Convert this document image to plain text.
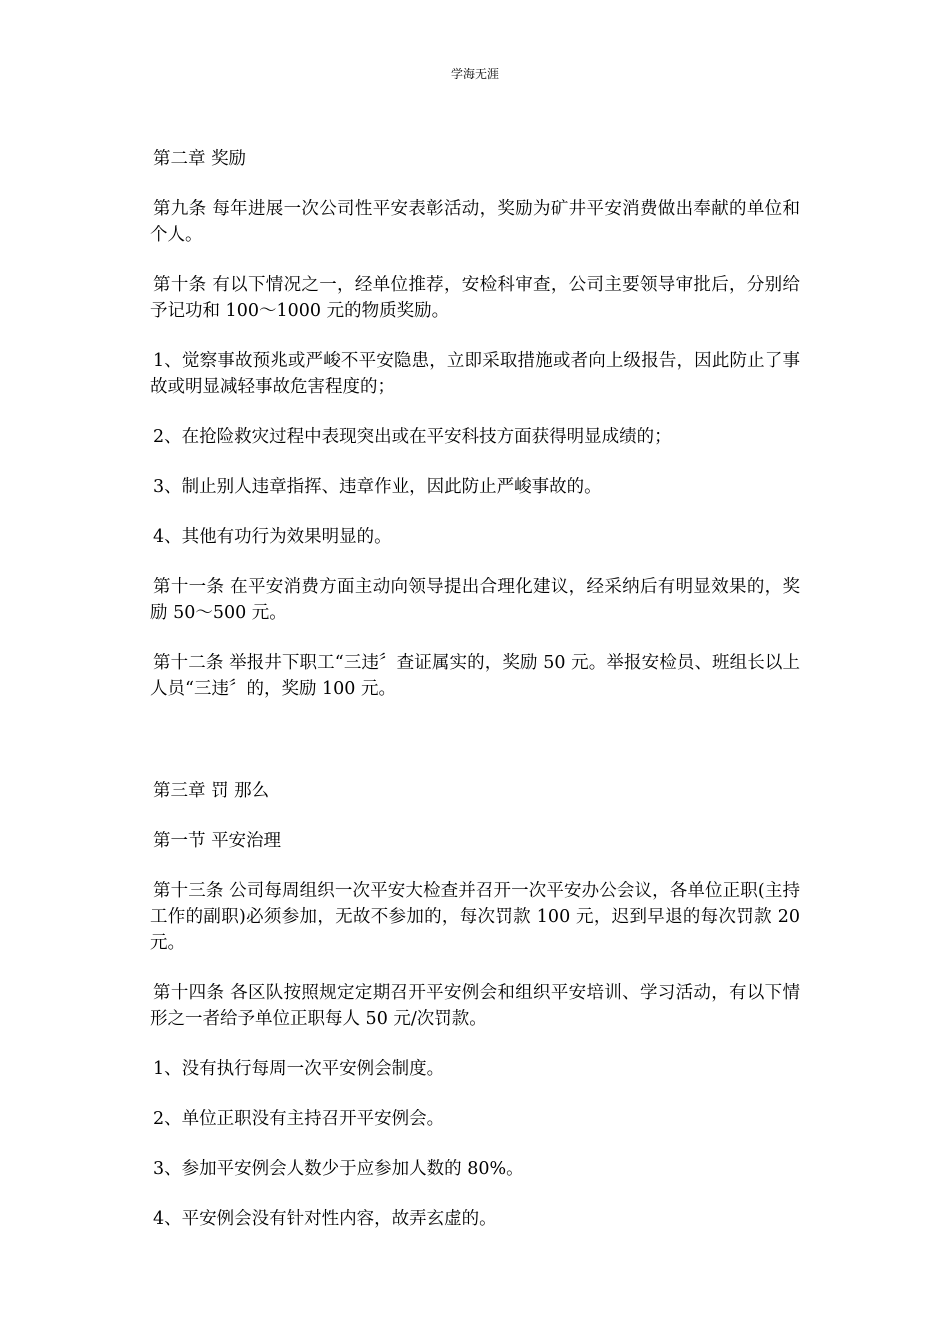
学海无涯

第二章 奖励

第九条 每年进展一次公司性平安表彰活动，奖励为矿井平安消费做出奉献的单位和个人。

第十条 有以下情况之一，经单位推荐，安检科审查，公司主要领导审批后，分别给予记功和 100～1000 元的物质奖励。

1、觉察事故预兆或严峻不平安隐患，立即采取措施或者向上级报告，因此防止了事故或明显减轻事故危害程度的；

2、在抢险救灾过程中表现突出或在平安科技方面获得明显成绩的；

3、制止别人违章指挥、违章作业，因此防止严峻事故的。

4、其他有功行为效果明显的。

第十一条 在平安消费方面主动向领导提出合理化建议，经采纳后有明显效果的，奖励 50～500 元。

第十二条 举报井下职工“三违〞查证属实的，奖励 50 元。举报安检员、班组长以上人员“三违〞的，奖励 100 元。

第三章 罚 那么

第一节 平安治理

第十三条 公司每周组织一次平安大检查并召开一次平安办公会议，各单位正职(主持工作的副职)必须参加，无故不参加的，每次罚款 100 元，迟到早退的每次罚款 20 元。

第十四条 各区队按照规定定期召开平安例会和组织平安培训、学习活动，有以下情形之一者给予单位正职每人 50 元/次罚款。

1、没有执行每周一次平安例会制度。

2、单位正职没有主持召开平安例会。

3、参加平安例会人数少于应参加人数的 80%。

4、平安例会没有针对性内容，故弄玄虚的。
